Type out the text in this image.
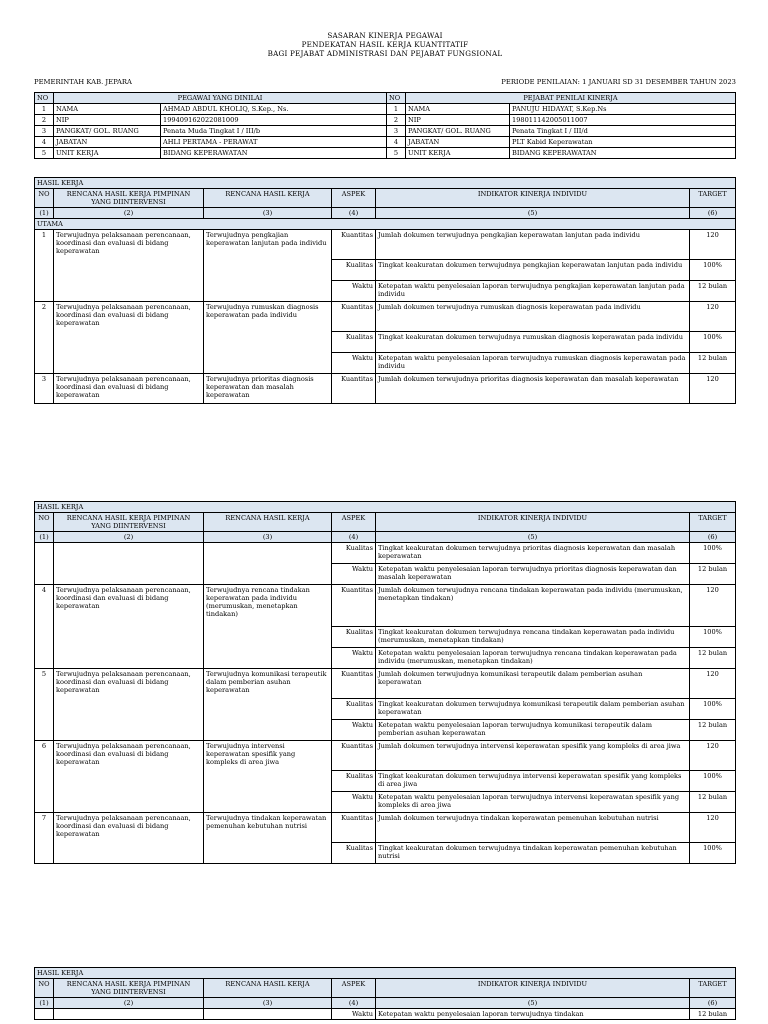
SASARAN KINERJA PEGAWAI
PENDEKATAN HASIL KERJA KUANTITATIF
BAGI PEJABAT ADMINISTRASI DAN PEJABAT FUNGSIONAL
PEMERINTAH KAB. JEPARA	PERIODE PENILAIAN: 1 JANUARI SD 31 DESEMBER TAHUN 2023
NO	PEGAWAI YANG DINILAI		NO	PEJABAT PENILAI KINERJA	
1	NAMA	AHMAD ABDUL KHOLIQ, S.Kep., Ns.	1	NAMA	PANUJU HIDAYAT, S.Kep.Ns
2	NIP	199409162022081009	2	NIP	198011142005011007
3	PANGKAT/ GOL. RUANG	Penata Muda Tingkat I / III/b	3	PANGKAT/ GOL. RUANG	Penata Tingkat I / III/d
4	JABATAN	AHLI PERTAMA - PERAWAT	4	JABATAN	PLT Kabid Keperawatan
5	UNIT KERJA	BIDANG KEPERAWATAN	5	UNIT KERJA	BIDANG KEPERAWATAN
HASIL KERJA					
NO	RENCANA HASIL KERJA PIMPINAN YANG DIINTERVENSI	RENCANA HASIL KERJA	ASPEK	INDIKATOR KINERJA INDIVIDU	TARGET
(1)	(2)	(3)	(4)	(5)	(6)
UTAMA					
1	Terwujudnya pelaksanaan perencanaan, koordinasi dan evaluasi di bidang keperawatan	Terwujudnya pengkajian keperawatan lanjutan pada individu	Kuantitas	Jumlah dokumen terwujudnya pengkajian keperawatan lanjutan pada individu	120
			Kualitas	Tingkat keakuratan dokumen terwujudnya pengkajian keperawatan lanjutan pada individu	100%
			Waktu	Ketepatan waktu penyelesaian laporan terwujudnya pengkajian keperawatan lanjutan pada individu	12 bulan
2	Terwujudnya pelaksanaan perencanaan, koordinasi dan evaluasi di bidang keperawatan	Terwujudnya rumuskan diagnosis keperawatan pada individu	Kuantitas	Jumlah dokumen terwujudnya rumuskan diagnosis keperawatan pada individu	120
			Kualitas	Tingkat keakuratan dokumen terwujudnya rumuskan diagnosis keperawatan pada individu	100%
			Waktu	Ketepatan waktu penyelesaian laporan terwujudnya rumuskan diagnosis keperawatan pada individu	12 bulan
3	Terwujudnya pelaksanaan perencanaan, koordinasi dan evaluasi di bidang keperawatan	Terwujudnya prioritas diagnosis keperawatan dan masalah keperawatan	Kuantitas	Jumlah dokumen terwujudnya prioritas diagnosis keperawatan dan masalah keperawatan	120
HASIL KERJA					
NO	RENCANA HASIL KERJA PIMPINAN YANG DIINTERVENSI	RENCANA HASIL KERJA	ASPEK	INDIKATOR KINERJA INDIVIDU	TARGET
(1)	(2)	(3)	(4)	(5)	(6)
			Kualitas	Tingkat keakuratan dokumen terwujudnya prioritas diagnosis keperawatan dan masalah keperawatan	100%
			Waktu	Ketepatan waktu penyelesaian laporan terwujudnya prioritas diagnosis keperawatan dan masalah keperawatan	12 bulan
4	Terwujudnya pelaksanaan perencanaan, koordinasi dan evaluasi di bidang keperawatan	Terwujudnya rencana tindakan keperawatan pada individu (merumuskan, menetapkan tindakan)	Kuantitas	Jumlah dokumen terwujudnya rencana tindakan keperawatan pada individu (merumuskan, menetapkan tindakan)	120
			Kualitas	Tingkat keakuratan dokumen terwujudnya rencana tindakan keperawatan pada individu (merumuskan, menetapkan tindakan)	100%
			Waktu	Ketepatan waktu penyelesaian laporan terwujudnya rencana tindakan keperawatan pada individu (merumuskan, menetapkan tindakan)	12 bulan
5	Terwujudnya pelaksanaan perencanaan, koordinasi dan evaluasi di bidang keperawatan	Terwujudnya komunikasi terapeutik dalam pemberian asuhan keperawatan	Kuantitas	Jumlah dokumen terwujudnya komunikasi terapeutik dalam pemberian asuhan keperawatan	120
			Kualitas	Tingkat keakuratan dokumen terwujudnya komunikasi terapeutik dalam pemberian asuhan keperawatan	100%
			Waktu	Ketepatan waktu penyelesaian laporan terwujudnya komunikasi terapeutik dalam pemberian asuhan keperawatan	12 bulan
6	Terwujudnya pelaksanaan perencanaan, koordinasi dan evaluasi di bidang keperawatan	Terwujudnya intervensi keperawatan spesifik yang kompleks di area jiwa	Kuantitas	Jumlah dokumen terwujudnya intervensi keperawatan spesifik yang kompleks di area jiwa	120
			Kualitas	Tingkat keakuratan dokumen terwujudnya intervensi keperawatan spesifik yang kompleks di area jiwa	100%
			Waktu	Ketepatan waktu penyelesaian laporan terwujudnya intervensi keperawatan spesifik yang kompleks di area jiwa	12 bulan
7	Terwujudnya pelaksanaan perencanaan, koordinasi dan evaluasi di bidang keperawatan	Terwujudnya tindakan keperawatan pemenuhan kebutuhan nutrisi	Kuantitas	Jumlah dokumen terwujudnya tindakan keperawatan pemenuhan kebutuhan nutrisi	120
			Kualitas	Tingkat keakuratan dokumen terwujudnya tindakan keperawatan pemenuhan kebutuhan nutrisi	100%
HASIL KERJA					
NO	RENCANA HASIL KERJA PIMPINAN YANG DIINTERVENSI	RENCANA HASIL KERJA	ASPEK	INDIKATOR KINERJA INDIVIDU	TARGET
(1)	(2)	(3)	(4)	(5)	(6)
			Waktu	Ketepatan waktu penyelesaian laporan terwujudnya tindakan	12 bulan
